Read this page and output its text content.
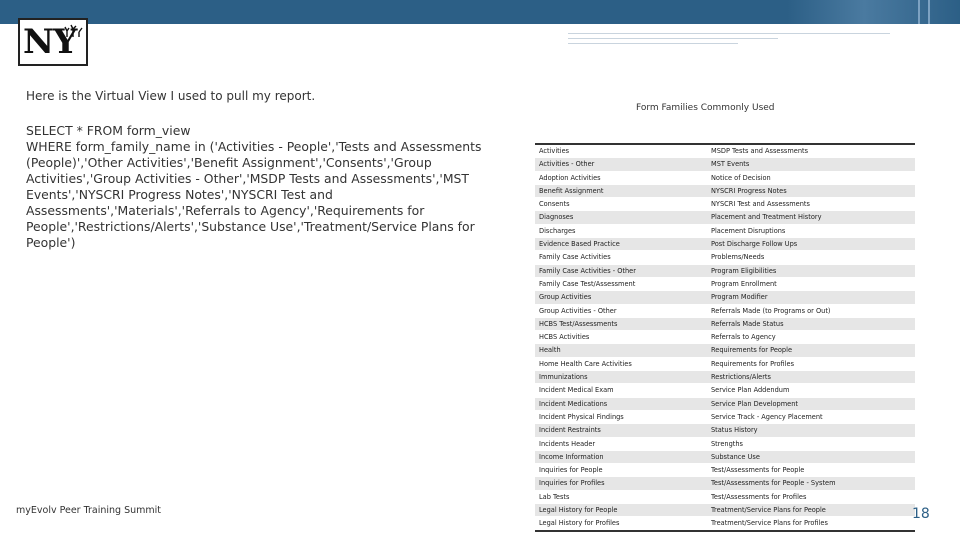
NY
Here is the Virtual View I used to pull my report.
SELECT * FROM form_view
WHERE form_family_name in ('Activities - People','Tests and Assessments (People)','Other Activities','Benefit Assignment','Consents','Group Activities','Group Activities - Other','MSDP Tests and Assessments','MST Events','NYSCRI Progress Notes','NYSCRI Test and Assessments','Materials','Referrals to Agency','Requirements for People','Restrictions/Alerts','Substance Use','Treatment/Service Plans for People')
Form Families Commonly Used
Activities	MSDP Tests and Assessments
Activities - Other	MST Events
Adoption Activities	Notice of Decision
Benefit Assignment	NYSCRI Progress Notes
Consents	NYSCRI Test and Assessments
Diagnoses	Placement and Treatment History
Discharges	Placement Disruptions
Evidence Based Practice	Post Discharge Follow Ups
Family Case Activities	Problems/Needs
Family Case Activities - Other	Program Eligibilities
Family Case Test/Assessment	Program Enrollment
Group Activities	Program Modifier
Group Activities - Other	Referrals Made (to Programs or Out)
HCBS Test/Assessments	Referrals Made Status
HCBS Activities	Referrals to Agency
Health	Requirements for People
Home Health Care Activities	Requirements for Profiles
Immunizations	Restrictions/Alerts
Incident Medical Exam	Service Plan Addendum
Incident Medications	Service Plan Development
Incident Physical Findings	Service Track - Agency Placement
Incident Restraints	Status History
Incidents Header	Strengths
Income Information	Substance Use
Inquiries for People	Test/Assessments for People
Inquiries for Profiles	Test/Assessments for People - System
Lab Tests	Test/Assessments for Profiles
Legal History for People	Treatment/Service Plans for People
Legal History for Profiles	Treatment/Service Plans for Profiles
myEvolv Peer Training Summit	18
